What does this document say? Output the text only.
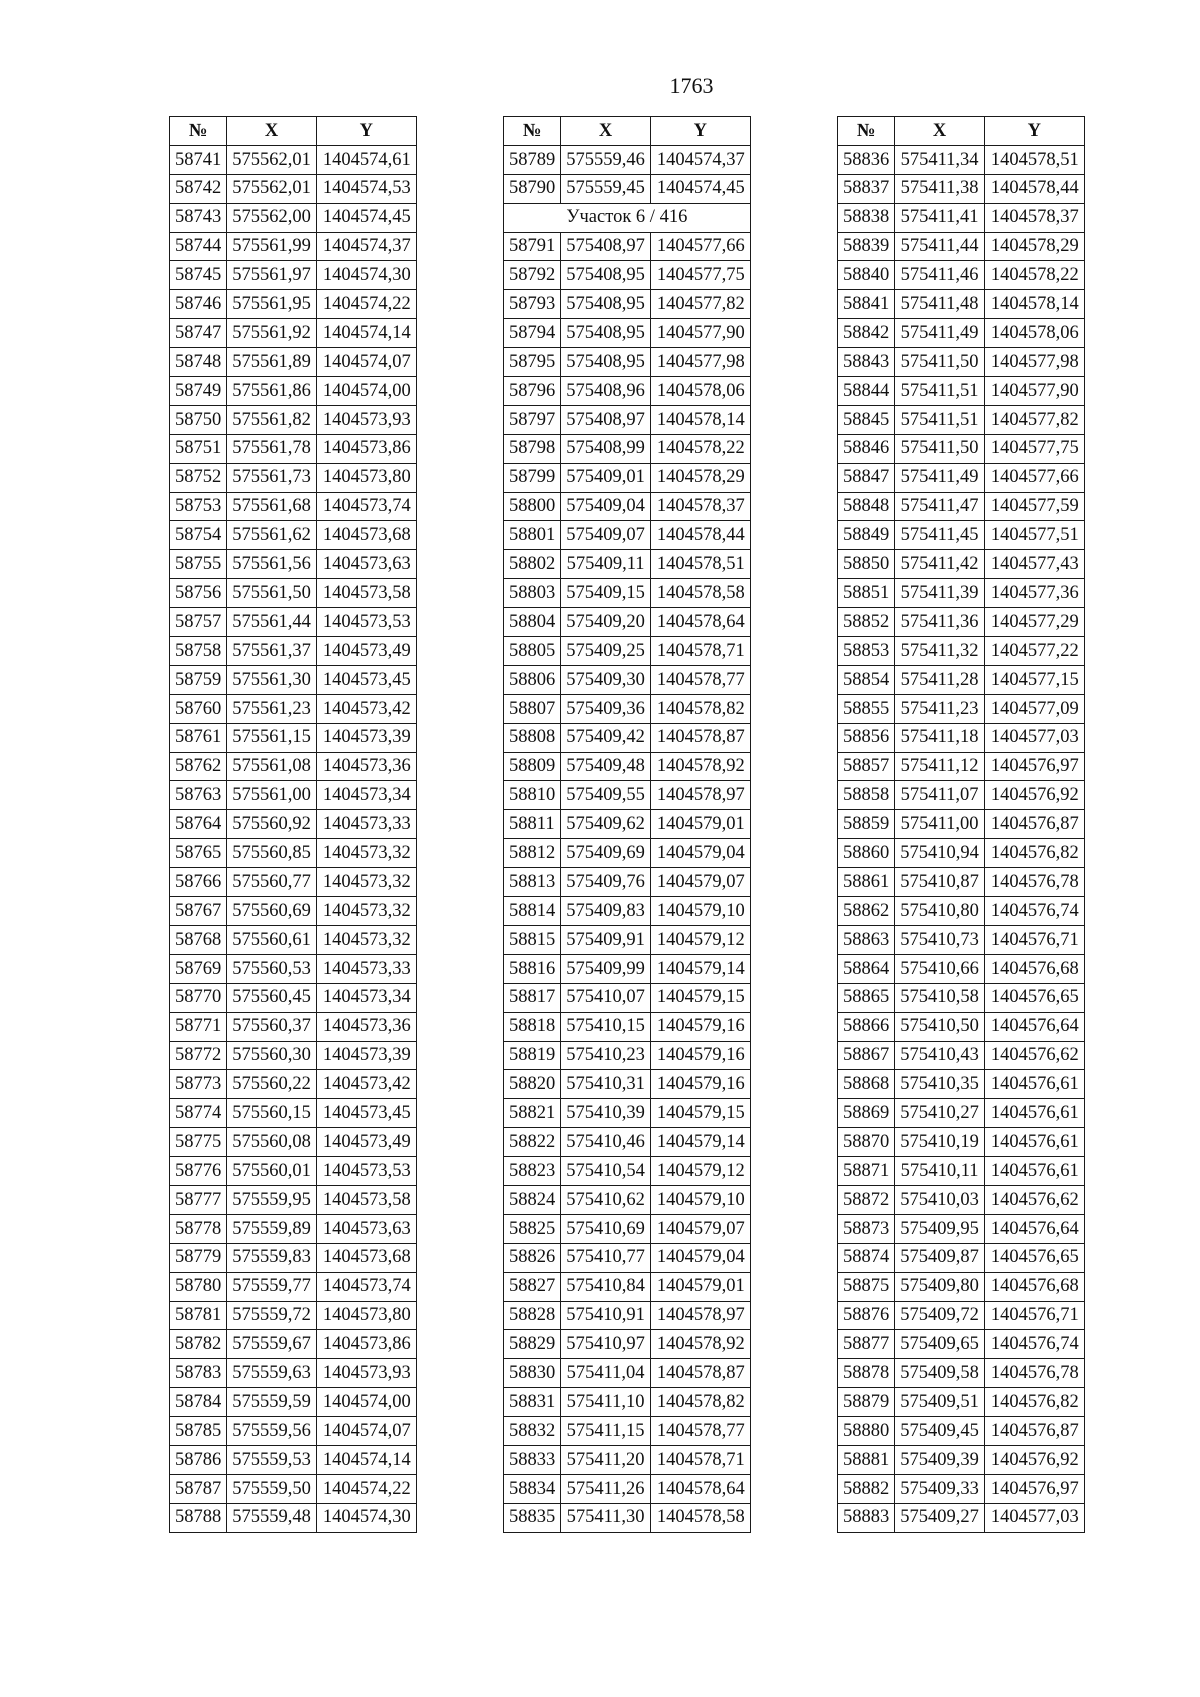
1763
№	X	Y
58741	575562,01	1404574,61
58742	575562,01	1404574,53
58743	575562,00	1404574,45
58744	575561,99	1404574,37
58745	575561,97	1404574,30
58746	575561,95	1404574,22
58747	575561,92	1404574,14
58748	575561,89	1404574,07
58749	575561,86	1404574,00
58750	575561,82	1404573,93
58751	575561,78	1404573,86
58752	575561,73	1404573,80
58753	575561,68	1404573,74
58754	575561,62	1404573,68
58755	575561,56	1404573,63
58756	575561,50	1404573,58
58757	575561,44	1404573,53
58758	575561,37	1404573,49
58759	575561,30	1404573,45
58760	575561,23	1404573,42
58761	575561,15	1404573,39
58762	575561,08	1404573,36
58763	575561,00	1404573,34
58764	575560,92	1404573,33
58765	575560,85	1404573,32
58766	575560,77	1404573,32
58767	575560,69	1404573,32
58768	575560,61	1404573,32
58769	575560,53	1404573,33
58770	575560,45	1404573,34
58771	575560,37	1404573,36
58772	575560,30	1404573,39
58773	575560,22	1404573,42
58774	575560,15	1404573,45
58775	575560,08	1404573,49
58776	575560,01	1404573,53
58777	575559,95	1404573,58
58778	575559,89	1404573,63
58779	575559,83	1404573,68
58780	575559,77	1404573,74
58781	575559,72	1404573,80
58782	575559,67	1404573,86
58783	575559,63	1404573,93
58784	575559,59	1404574,00
58785	575559,56	1404574,07
58786	575559,53	1404574,14
58787	575559,50	1404574,22
58788	575559,48	1404574,30
№	X	Y
58789	575559,46	1404574,37
58790	575559,45	1404574,45
Участок 6 / 416		
58791	575408,97	1404577,66
58792	575408,95	1404577,75
58793	575408,95	1404577,82
58794	575408,95	1404577,90
58795	575408,95	1404577,98
58796	575408,96	1404578,06
58797	575408,97	1404578,14
58798	575408,99	1404578,22
58799	575409,01	1404578,29
58800	575409,04	1404578,37
58801	575409,07	1404578,44
58802	575409,11	1404578,51
58803	575409,15	1404578,58
58804	575409,20	1404578,64
58805	575409,25	1404578,71
58806	575409,30	1404578,77
58807	575409,36	1404578,82
58808	575409,42	1404578,87
58809	575409,48	1404578,92
58810	575409,55	1404578,97
58811	575409,62	1404579,01
58812	575409,69	1404579,04
58813	575409,76	1404579,07
58814	575409,83	1404579,10
58815	575409,91	1404579,12
58816	575409,99	1404579,14
58817	575410,07	1404579,15
58818	575410,15	1404579,16
58819	575410,23	1404579,16
58820	575410,31	1404579,16
58821	575410,39	1404579,15
58822	575410,46	1404579,14
58823	575410,54	1404579,12
58824	575410,62	1404579,10
58825	575410,69	1404579,07
58826	575410,77	1404579,04
58827	575410,84	1404579,01
58828	575410,91	1404578,97
58829	575410,97	1404578,92
58830	575411,04	1404578,87
58831	575411,10	1404578,82
58832	575411,15	1404578,77
58833	575411,20	1404578,71
58834	575411,26	1404578,64
58835	575411,30	1404578,58
№	X	Y
58836	575411,34	1404578,51
58837	575411,38	1404578,44
58838	575411,41	1404578,37
58839	575411,44	1404578,29
58840	575411,46	1404578,22
58841	575411,48	1404578,14
58842	575411,49	1404578,06
58843	575411,50	1404577,98
58844	575411,51	1404577,90
58845	575411,51	1404577,82
58846	575411,50	1404577,75
58847	575411,49	1404577,66
58848	575411,47	1404577,59
58849	575411,45	1404577,51
58850	575411,42	1404577,43
58851	575411,39	1404577,36
58852	575411,36	1404577,29
58853	575411,32	1404577,22
58854	575411,28	1404577,15
58855	575411,23	1404577,09
58856	575411,18	1404577,03
58857	575411,12	1404576,97
58858	575411,07	1404576,92
58859	575411,00	1404576,87
58860	575410,94	1404576,82
58861	575410,87	1404576,78
58862	575410,80	1404576,74
58863	575410,73	1404576,71
58864	575410,66	1404576,68
58865	575410,58	1404576,65
58866	575410,50	1404576,64
58867	575410,43	1404576,62
58868	575410,35	1404576,61
58869	575410,27	1404576,61
58870	575410,19	1404576,61
58871	575410,11	1404576,61
58872	575410,03	1404576,62
58873	575409,95	1404576,64
58874	575409,87	1404576,65
58875	575409,80	1404576,68
58876	575409,72	1404576,71
58877	575409,65	1404576,74
58878	575409,58	1404576,78
58879	575409,51	1404576,82
58880	575409,45	1404576,87
58881	575409,39	1404576,92
58882	575409,33	1404576,97
58883	575409,27	1404577,03
